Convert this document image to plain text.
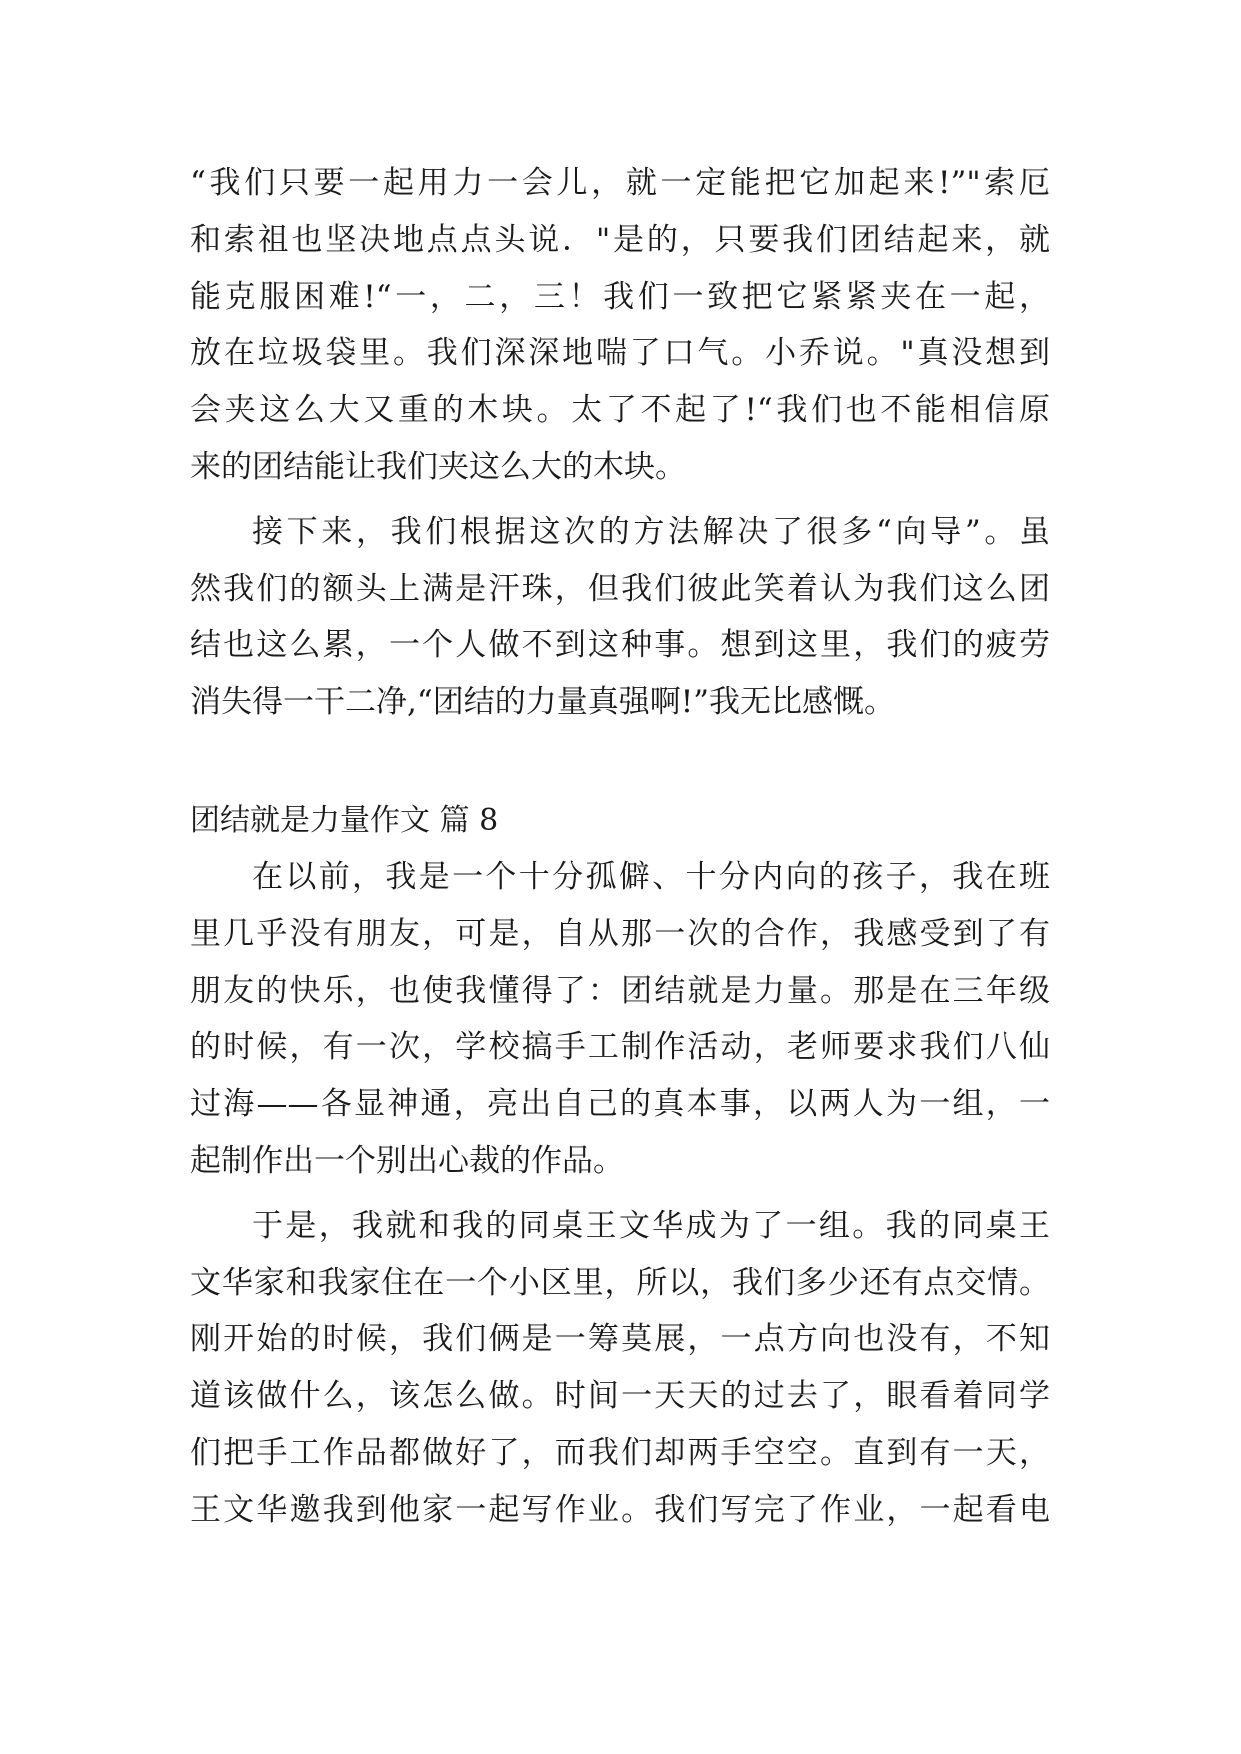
“我们只要一起用力一会儿，就一定能把它加起来!”"索厄
和索祖也坚决地点点头说．"是的，只要我们团结起来，就
能克服困难!“一，二，三！我们一致把它紧紧夹在一起，
放在垃圾袋里。我们深深地喘了口气。小乔说。"真没想到
会夹这么大又重的木块。太了不起了!“我们也不能相信原
来的团结能让我们夹这么大的木块。
接下来，我们根据这次的方法解决了很多“向导”。虽
然我们的额头上满是汗珠，但我们彼此笑着认为我们这么团
结也这么累，一个人做不到这种事。想到这里，我们的疲劳
消失得一干二净,“团结的力量真强啊!”我无比感慨。
团结就是力量作文 篇 8
在以前，我是一个十分孤僻、十分内向的孩子，我在班
里几乎没有朋友，可是，自从那一次的合作，我感受到了有
朋友的快乐，也使我懂得了：团结就是力量。那是在三年级
的时候，有一次，学校搞手工制作活动，老师要求我们八仙
过海——各显神通，亮出自己的真本事，以两人为一组，一
起制作出一个别出心裁的作品。
于是，我就和我的同桌王文华成为了一组。我的同桌王
文华家和我家住在一个小区里，所以，我们多少还有点交情。
刚开始的时候，我们俩是一筹莫展，一点方向也没有，不知
道该做什么，该怎么做。时间一天天的过去了，眼看着同学
们把手工作品都做好了，而我们却两手空空。直到有一天，
王文华邀我到他家一起写作业。我们写完了作业，一起看电
